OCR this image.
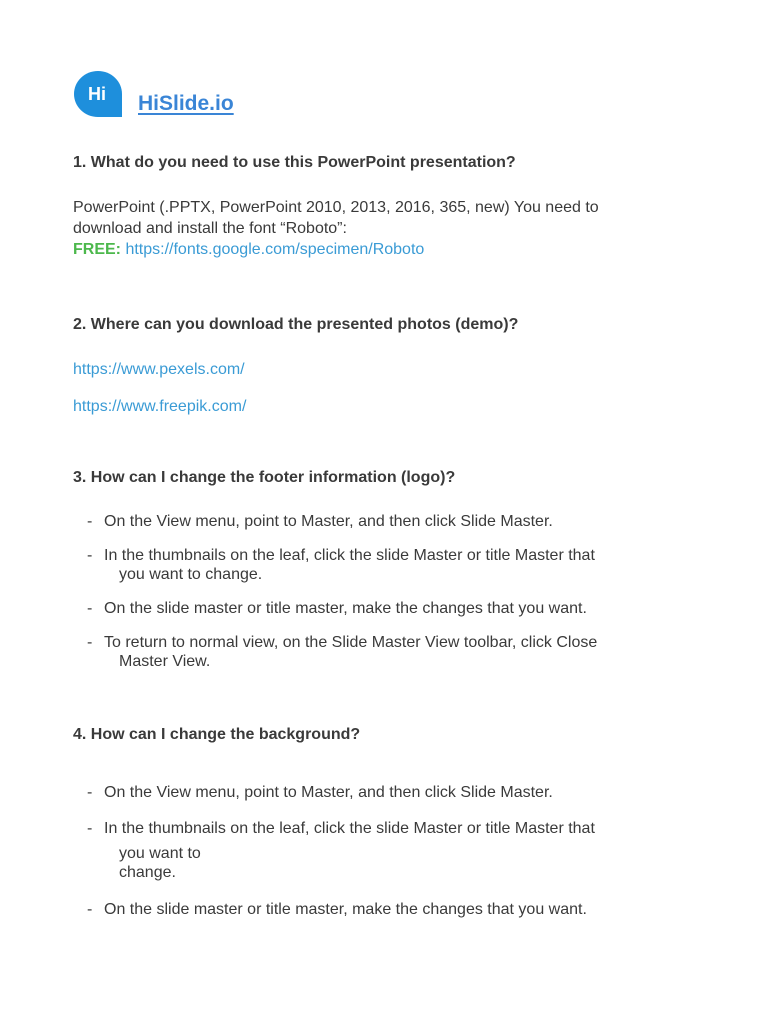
Hi HiSlide.io
1. What do you need to use this PowerPoint presentation?
PowerPoint (.PPTX, PowerPoint 2010, 2013, 2016, 365, new) You need to
download and install the font “Roboto”:
FREE: https://fonts.google.com/specimen/Roboto
2. Where can you download the presented photos (demo)?
https://www.pexels.com/
https://www.freepik.com/
3. How can I change the footer information (logo)?
- On the View menu, point to Master, and then click Slide Master.
- In the thumbnails on the leaf, click the slide Master or title Master that
you want to change.
- On the slide master or title master, make the changes that you want.
- To return to normal view, on the Slide Master View toolbar, click Close
Master View.
4. How can I change the background?
- On the View menu, point to Master, and then click Slide Master.
- In the thumbnails on the leaf, click the slide Master or title Master that
you want to
change.
- On the slide master or title master, make the changes that you want.
